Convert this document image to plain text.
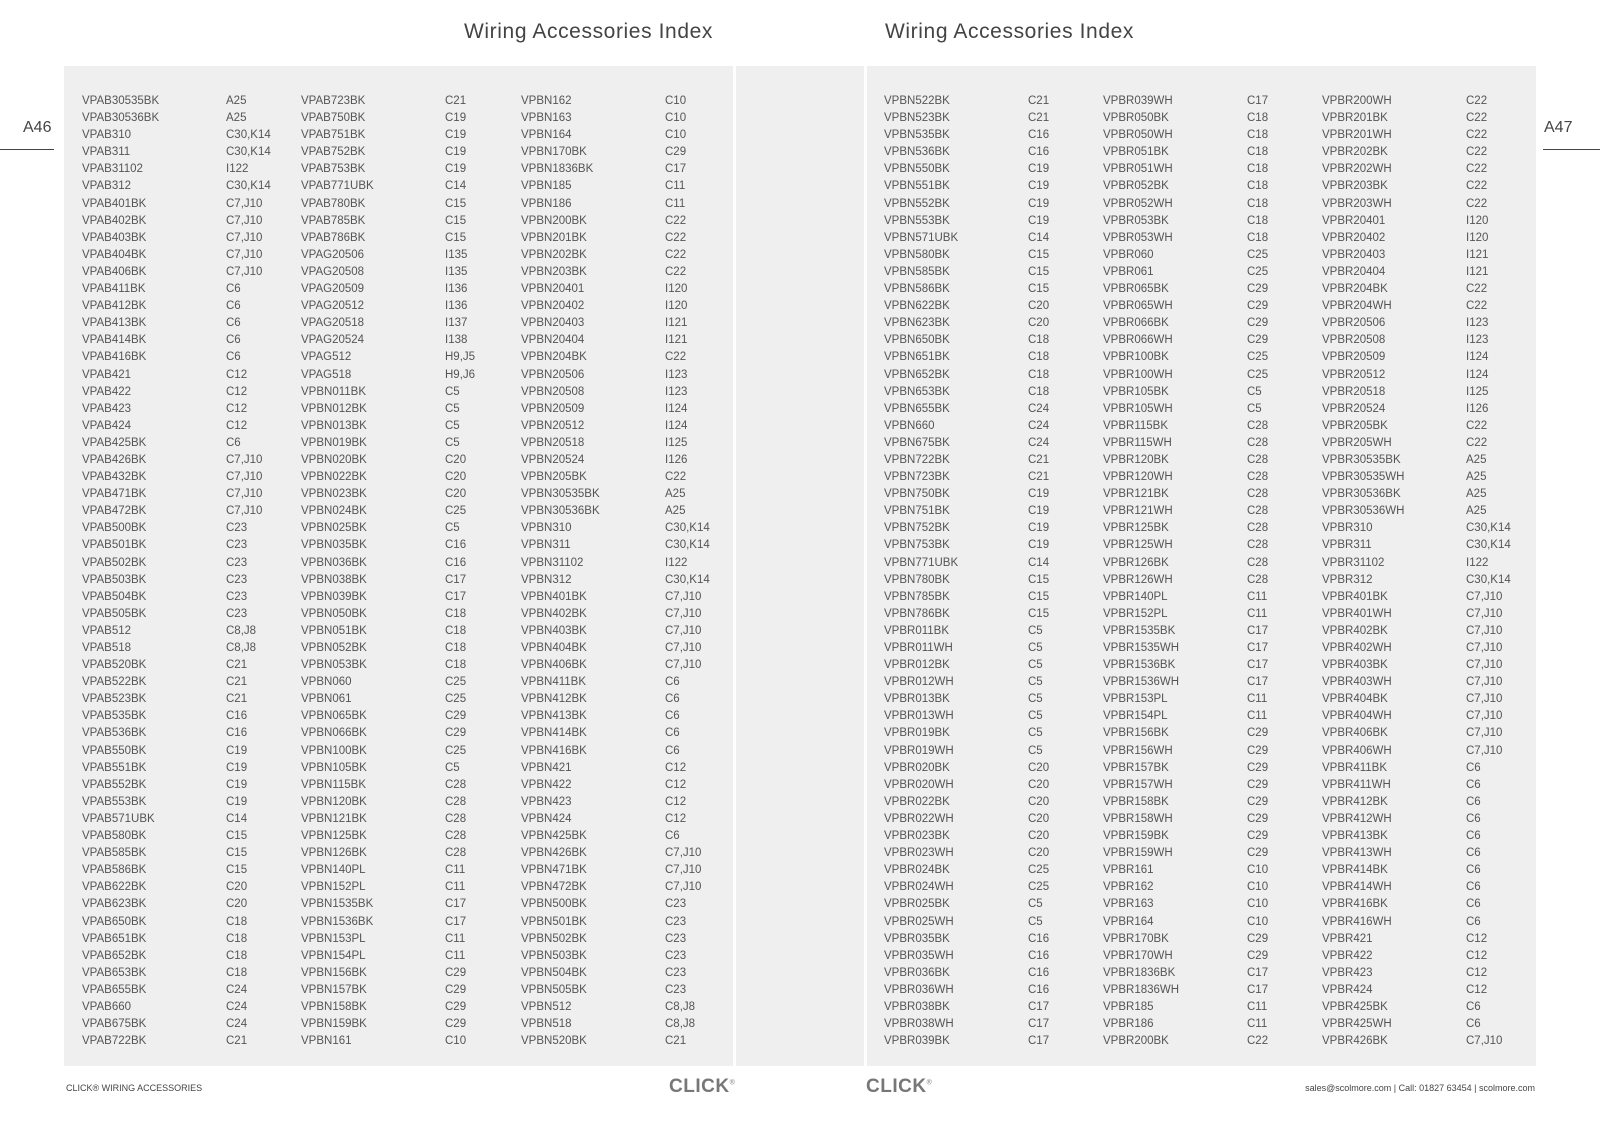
Wiring Accessories Index	Wiring Accessories Index
A46	A47
VPAB30535BK	A25
VPAB30536BK	A25
VPAB310	C30,K14
VPAB311	C30,K14
VPAB31102	I122
VPAB312	C30,K14
VPAB401BK	C7,J10
VPAB402BK	C7,J10
VPAB403BK	C7,J10
VPAB404BK	C7,J10
VPAB406BK	C7,J10
VPAB411BK	C6
VPAB412BK	C6
VPAB413BK	C6
VPAB414BK	C6
VPAB416BK	C6
VPAB421	C12
VPAB422	C12
VPAB423	C12
VPAB424	C12
VPAB425BK	C6
VPAB426BK	C7,J10
VPAB432BK	C7,J10
VPAB471BK	C7,J10
VPAB472BK	C7,J10
VPAB500BK	C23
VPAB501BK	C23
VPAB502BK	C23
VPAB503BK	C23
VPAB504BK	C23
VPAB505BK	C23
VPAB512	C8,J8
VPAB518	C8,J8
VPAB520BK	C21
VPAB522BK	C21
VPAB523BK	C21
VPAB535BK	C16
VPAB536BK	C16
VPAB550BK	C19
VPAB551BK	C19
VPAB552BK	C19
VPAB553BK	C19
VPAB571UBK	C14
VPAB580BK	C15
VPAB585BK	C15
VPAB586BK	C15
VPAB622BK	C20
VPAB623BK	C20
VPAB650BK	C18
VPAB651BK	C18
VPAB652BK	C18
VPAB653BK	C18
VPAB655BK	C24
VPAB660	C24
VPAB675BK	C24
VPAB722BK	C21
VPAB723BK	C21
VPAB750BK	C19
VPAB751BK	C19
VPAB752BK	C19
VPAB753BK	C19
VPAB771UBK	C14
VPAB780BK	C15
VPAB785BK	C15
VPAB786BK	C15
VPAG20506	I135
VPAG20508	I135
VPAG20509	I136
VPAG20512	I136
VPAG20518	I137
VPAG20524	I138
VPAG512	H9,J5
VPAG518	H9,J6
VPBN011BK	C5
VPBN012BK	C5
VPBN013BK	C5
VPBN019BK	C5
VPBN020BK	C20
VPBN022BK	C20
VPBN023BK	C20
VPBN024BK	C25
VPBN025BK	C5
VPBN035BK	C16
VPBN036BK	C16
VPBN038BK	C17
VPBN039BK	C17
VPBN050BK	C18
VPBN051BK	C18
VPBN052BK	C18
VPBN053BK	C18
VPBN060	C25
VPBN061	C25
VPBN065BK	C29
VPBN066BK	C29
VPBN100BK	C25
VPBN105BK	C5
VPBN115BK	C28
VPBN120BK	C28
VPBN121BK	C28
VPBN125BK	C28
VPBN126BK	C28
VPBN140PL	C11
VPBN152PL	C11
VPBN1535BK	C17
VPBN1536BK	C17
VPBN153PL	C11
VPBN154PL	C11
VPBN156BK	C29
VPBN157BK	C29
VPBN158BK	C29
VPBN159BK	C29
VPBN161	C10
VPBN162	C10
VPBN163	C10
VPBN164	C10
VPBN170BK	C29
VPBN1836BK	C17
VPBN185	C11
VPBN186	C11
VPBN200BK	C22
VPBN201BK	C22
VPBN202BK	C22
VPBN203BK	C22
VPBN20401	I120
VPBN20402	I120
VPBN20403	I121
VPBN20404	I121
VPBN204BK	C22
VPBN20506	I123
VPBN20508	I123
VPBN20509	I124
VPBN20512	I124
VPBN20518	I125
VPBN20524	I126
VPBN205BK	C22
VPBN30535BK	A25
VPBN30536BK	A25
VPBN310	C30,K14
VPBN311	C30,K14
VPBN31102	I122
VPBN312	C30,K14
VPBN401BK	C7,J10
VPBN402BK	C7,J10
VPBN403BK	C7,J10
VPBN404BK	C7,J10
VPBN406BK	C7,J10
VPBN411BK	C6
VPBN412BK	C6
VPBN413BK	C6
VPBN414BK	C6
VPBN416BK	C6
VPBN421	C12
VPBN422	C12
VPBN423	C12
VPBN424	C12
VPBN425BK	C6
VPBN426BK	C7,J10
VPBN471BK	C7,J10
VPBN472BK	C7,J10
VPBN500BK	C23
VPBN501BK	C23
VPBN502BK	C23
VPBN503BK	C23
VPBN504BK	C23
VPBN505BK	C23
VPBN512	C8,J8
VPBN518	C8,J8
VPBN520BK	C21
VPBN522BK	C21
VPBN523BK	C21
VPBN535BK	C16
VPBN536BK	C16
VPBN550BK	C19
VPBN551BK	C19
VPBN552BK	C19
VPBN553BK	C19
VPBN571UBK	C14
VPBN580BK	C15
VPBN585BK	C15
VPBN586BK	C15
VPBN622BK	C20
VPBN623BK	C20
VPBN650BK	C18
VPBN651BK	C18
VPBN652BK	C18
VPBN653BK	C18
VPBN655BK	C24
VPBN660	C24
VPBN675BK	C24
VPBN722BK	C21
VPBN723BK	C21
VPBN750BK	C19
VPBN751BK	C19
VPBN752BK	C19
VPBN753BK	C19
VPBN771UBK	C14
VPBN780BK	C15
VPBN785BK	C15
VPBN786BK	C15
VPBR011BK	C5
VPBR011WH	C5
VPBR012BK	C5
VPBR012WH	C5
VPBR013BK	C5
VPBR013WH	C5
VPBR019BK	C5
VPBR019WH	C5
VPBR020BK	C20
VPBR020WH	C20
VPBR022BK	C20
VPBR022WH	C20
VPBR023BK	C20
VPBR023WH	C20
VPBR024BK	C25
VPBR024WH	C25
VPBR025BK	C5
VPBR025WH	C5
VPBR035BK	C16
VPBR035WH	C16
VPBR036BK	C16
VPBR036WH	C16
VPBR038BK	C17
VPBR038WH	C17
VPBR039BK	C17
VPBR039WH	C17
VPBR050BK	C18
VPBR050WH	C18
VPBR051BK	C18
VPBR051WH	C18
VPBR052BK	C18
VPBR052WH	C18
VPBR053BK	C18
VPBR053WH	C18
VPBR060	C25
VPBR061	C25
VPBR065BK	C29
VPBR065WH	C29
VPBR066BK	C29
VPBR066WH	C29
VPBR100BK	C25
VPBR100WH	C25
VPBR105BK	C5
VPBR105WH	C5
VPBR115BK	C28
VPBR115WH	C28
VPBR120BK	C28
VPBR120WH	C28
VPBR121BK	C28
VPBR121WH	C28
VPBR125BK	C28
VPBR125WH	C28
VPBR126BK	C28
VPBR126WH	C28
VPBR140PL	C11
VPBR152PL	C11
VPBR1535BK	C17
VPBR1535WH	C17
VPBR1536BK	C17
VPBR1536WH	C17
VPBR153PL	C11
VPBR154PL	C11
VPBR156BK	C29
VPBR156WH	C29
VPBR157BK	C29
VPBR157WH	C29
VPBR158BK	C29
VPBR158WH	C29
VPBR159BK	C29
VPBR159WH	C29
VPBR161	C10
VPBR162	C10
VPBR163	C10
VPBR164	C10
VPBR170BK	C29
VPBR170WH	C29
VPBR1836BK	C17
VPBR1836WH	C17
VPBR185	C11
VPBR186	C11
VPBR200BK	C22
VPBR200WH	C22
VPBR201BK	C22
VPBR201WH	C22
VPBR202BK	C22
VPBR202WH	C22
VPBR203BK	C22
VPBR203WH	C22
VPBR20401	I120
VPBR20402	I120
VPBR20403	I121
VPBR20404	I121
VPBR204BK	C22
VPBR204WH	C22
VPBR20506	I123
VPBR20508	I123
VPBR20509	I124
VPBR20512	I124
VPBR20518	I125
VPBR20524	I126
VPBR205BK	C22
VPBR205WH	C22
VPBR30535BK	A25
VPBR30535WH	A25
VPBR30536BK	A25
VPBR30536WH	A25
VPBR310	C30,K14
VPBR311	C30,K14
VPBR31102	I122
VPBR312	C30,K14
VPBR401BK	C7,J10
VPBR401WH	C7,J10
VPBR402BK	C7,J10
VPBR402WH	C7,J10
VPBR403BK	C7,J10
VPBR403WH	C7,J10
VPBR404BK	C7,J10
VPBR404WH	C7,J10
VPBR406BK	C7,J10
VPBR406WH	C7,J10
VPBR411BK	C6
VPBR411WH	C6
VPBR412BK	C6
VPBR412WH	C6
VPBR413BK	C6
VPBR413WH	C6
VPBR414BK	C6
VPBR414WH	C6
VPBR416BK	C6
VPBR416WH	C6
VPBR421	C12
VPBR422	C12
VPBR423	C12
VPBR424	C12
VPBR425BK	C6
VPBR425WH	C6
VPBR426BK	C7,J10
CLICK® WIRING ACCESSORIES	CLICK®	CLICK®	sales@scolmore.com | Call: 01827 63454 | scolmore.com
